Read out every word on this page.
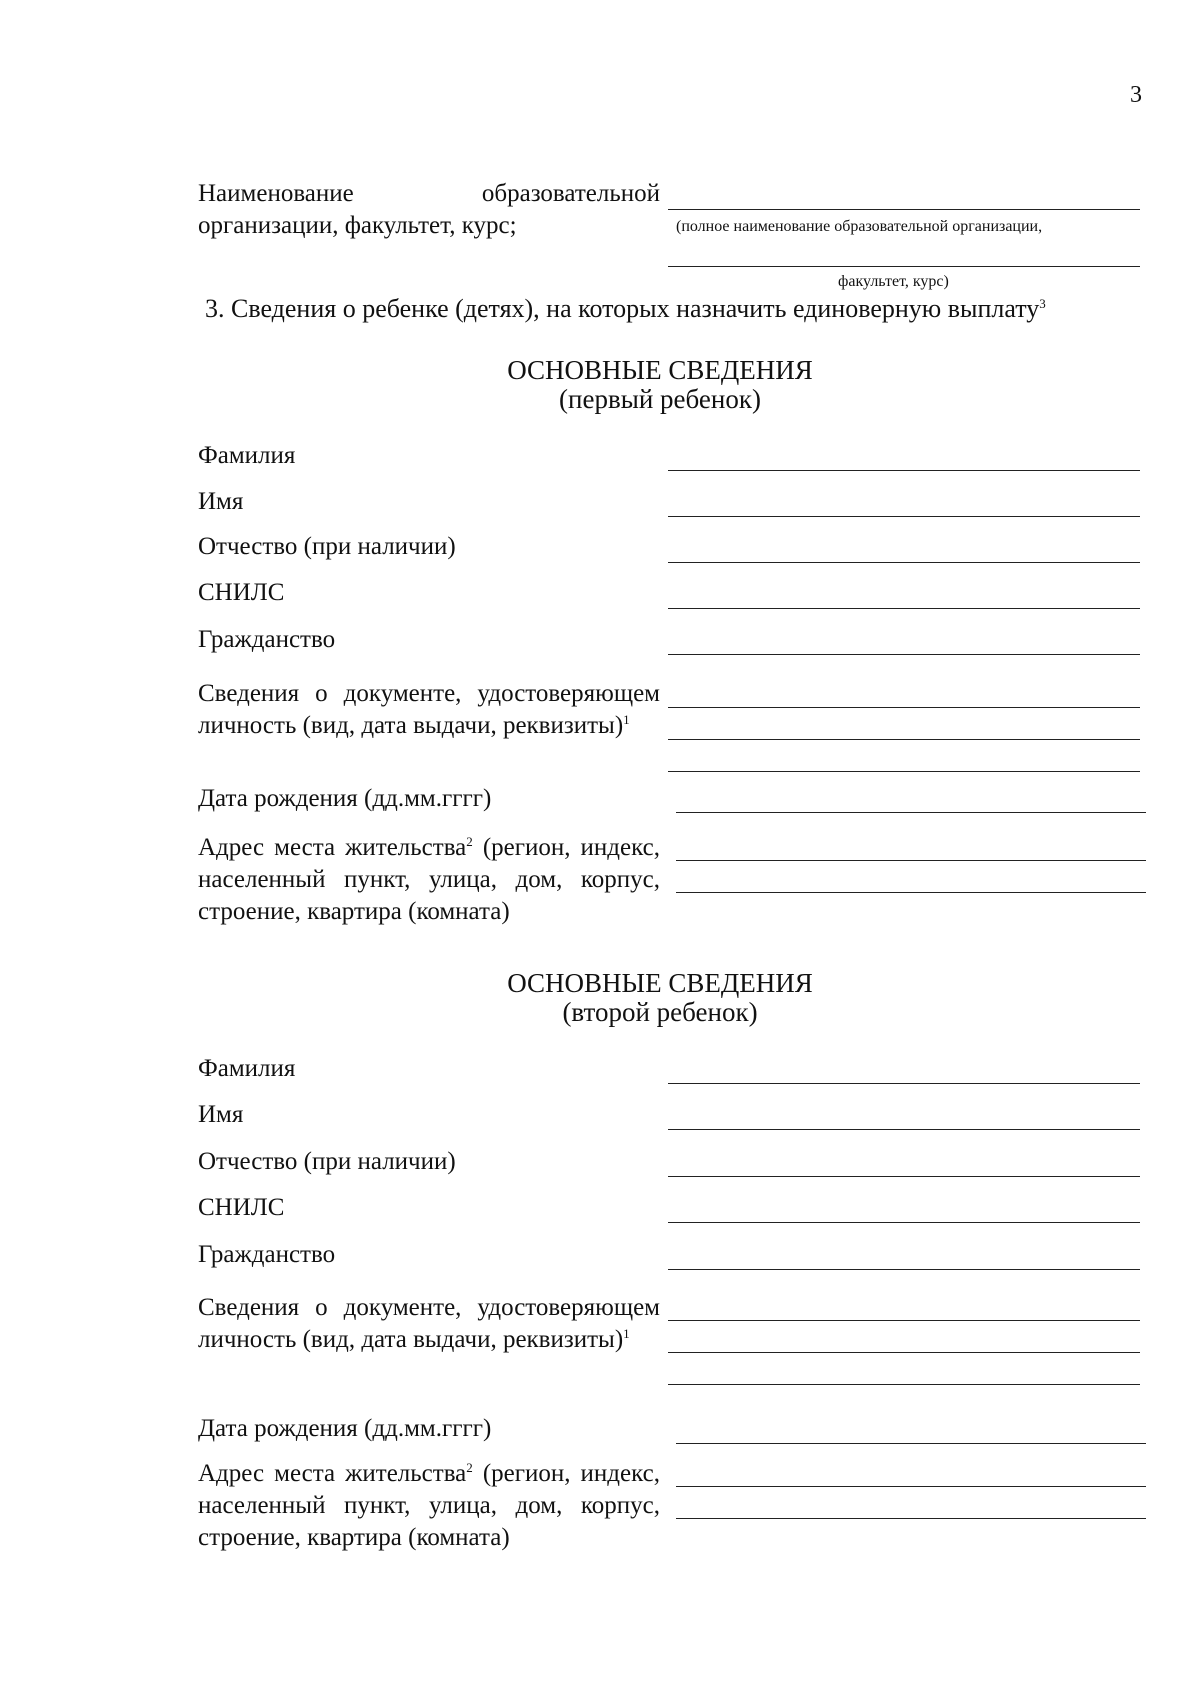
3
Наименование образовательной организации, факультет, курс;	(полное наименование образовательной организации,
факультет, курс)
3. Сведения о ребенке (детях), на которых назначить единоверную выплату$^3$
ОСНОВНЫЕ СВЕДЕНИЯ
(первый ребенок)
Фамилия
Имя
Отчество (при наличии)
СНИЛС
Гражданство
Сведения о документе, удостоверяющем личность (вид, дата выдачи, реквизиты)$^1$
Дата рождения (дд.мм.гггг)
Адрес места жительства$^2$ (регион, индекс, населенный пункт, улица, дом, корпус, строение, квартира (комната)
ОСНОВНЫЕ СВЕДЕНИЯ
(второй ребенок)
Фамилия
Имя
Отчество (при наличии)
СНИЛС
Гражданство
Сведения о документе, удостоверяющем личность (вид, дата выдачи, реквизиты)$^1$
Дата рождения (дд.мм.гггг)
Адрес места жительства$^2$ (регион, индекс, населенный пункт, улица, дом, корпус, строение, квартира (комната)
